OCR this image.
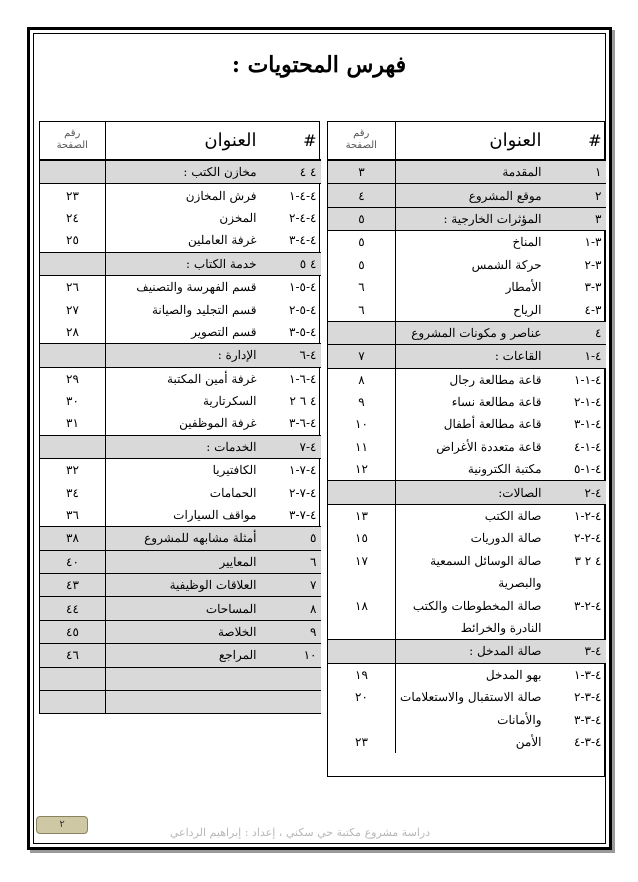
فهرس المحتويات :
#	العنوان	رقم
الصفحة

١	المقدمة	٣
٢	موقع المشروع	٤
٣	المؤثرات الخارجية :	٥
٣-١	المناخ	٥
٣-٢	حركة الشمس	٥
٣-٣	الأمطار	٦
٣-٤	الرياح	٦
٤	عناصر و مكونات المشروع	
٤-١	القاعات :	٧
٤-١-١	قاعة مطالعة رجال	٨
٤-١-٢	قاعة مطالعة نساء	٩
٤-١-٣	قاعة مطالعة أطفال	١٠
٤-١-٤	قاعة متعددة الأغراض	١١
٤-١-٥	مكتبة الكترونية	١٢
٤-٢	الصالات:	
٤-٢-١	صالة الكتب	١٣
٤-٢-٢	صالة الدوريات	١٥
٤ ٢ ٣	صالة الوسائل السمعية	١٧
	والبصرية	
٤-٢-٣	صالة المخطوطات والكتب	١٨
	النادرة والخرائط	
٤-٣	صالة المدخل :	
٤-٣-١	بهو المدخل	١٩
٤-٣-٢	صالة الاستقبال والاستعلامات	٢٠
٤-٣-٣	والأمانات	
٤-٣-٤	الأمن	٢٣
#	العنوان	رقم
الصفحة

٤ ٤	مخازن الكتب :	
٤-٤-١	فرش المخازن	٢٣
٤-٤-٢	المخزن	٢٤
٤-٤-٣	غرفة العاملين	٢٥
٤ ٥	خدمة الكتاب :	
٤-٥-١	قسم الفهرسة والتصنيف	٢٦
٤-٥-٢	قسم التجليد والصيانة	٢٧
٤-٥-٣	قسم التصوير	٢٨
٤-٦	الإدارة :	
٤-٦-١	غرفة أمين المكتبة	٢٩
٤ ٦ ٢	السكرتارية	٣٠
٤-٦-٣	غرفة الموظفين	٣١
٤-٧	الخدمات :	
٤-٧-١	الكافتيريا	٣٢
٤-٧-٢	الحمامات	٣٤
٤-٧-٣	مواقف السيارات	٣٦
٥	أمثلة مشابهه للمشروع	٣٨
٦	المعايير	٤٠
٧	العلاقات الوظيفية	٤٣
٨	المساحات	٤٤
٩	الخلاصة	٤٥
١٠	المراجع	٤٦

٢
دراسة مشروع مكتبة حي سكني ، إعداد : إبراهيم الرداعي
